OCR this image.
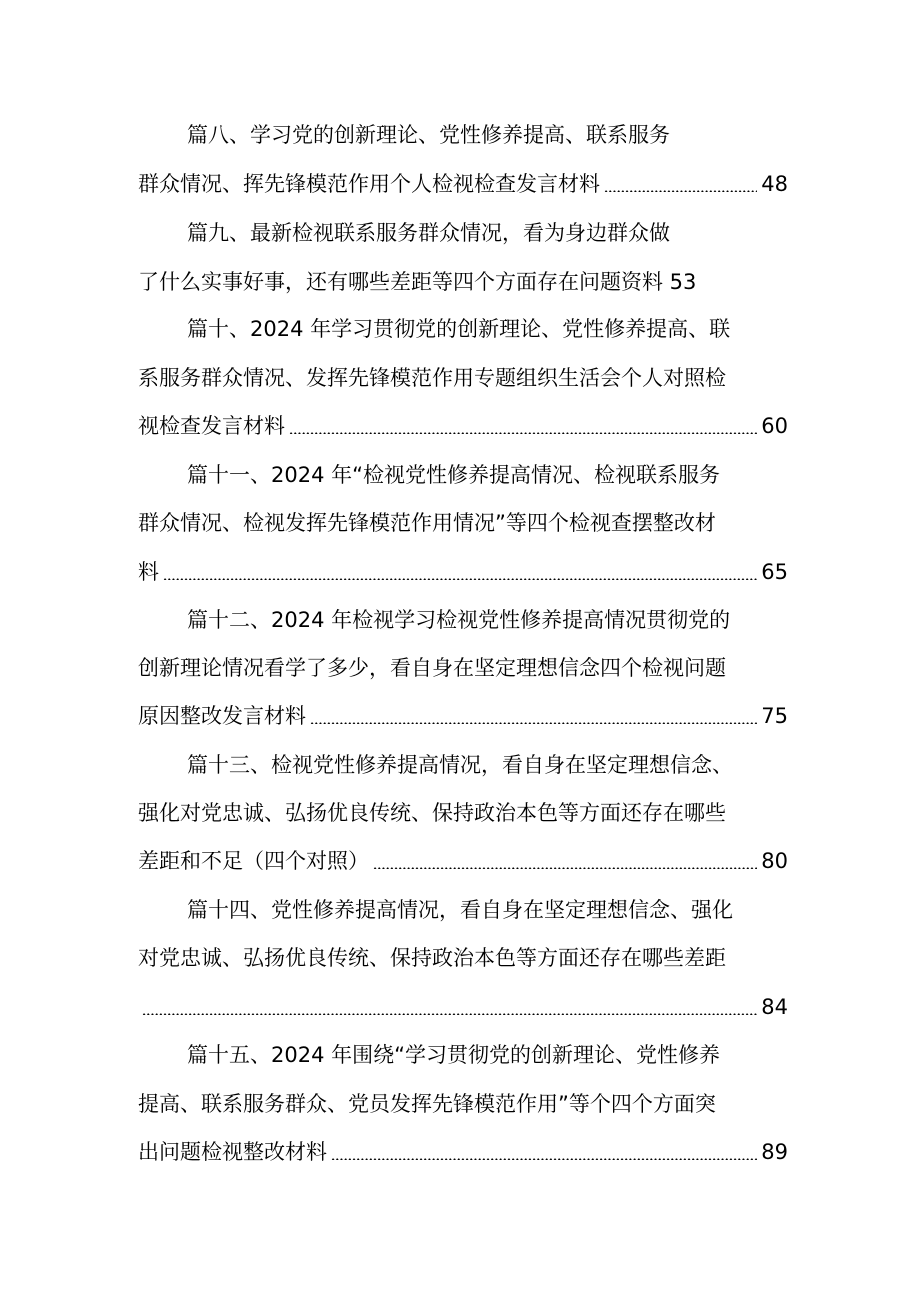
篇八、学习党的创新理论、党性修养提高、联系服务
群众情况、挥先锋模范作用个人检视检查发言材料	48
篇九、最新检视联系服务群众情况，看为身边群众做
了什么实事好事，还有哪些差距等四个方面存在问题资料 53
篇十、2024 年学习贯彻党的创新理论、党性修养提高、联
系服务群众情况、发挥先锋模范作用专题组织生活会个人对照检
视检查发言材料	60
篇十一、2024 年“检视党性修养提高情况、检视联系服务
群众情况、检视发挥先锋模范作用情况”等四个检视查摆整改材
料	65
篇十二、2024 年检视学习检视党性修养提高情况贯彻党的
创新理论情况看学了多少，看自身在坚定理想信念四个检视问题
原因整改发言材料	75
篇十三、检视党性修养提高情况，看自身在坚定理想信念、
强化对党忠诚、弘扬优良传统、保持政治本色等方面还存在哪些
差距和不足（四个对照）	80
篇十四、党性修养提高情况，看自身在坚定理想信念、强化
对党忠诚、弘扬优良传统、保持政治本色等方面还存在哪些差距
84
篇十五、2024 年围绕“学习贯彻党的创新理论、党性修养
提高、联系服务群众、党员发挥先锋模范作用”等个四个方面突
出问题检视整改材料	89
